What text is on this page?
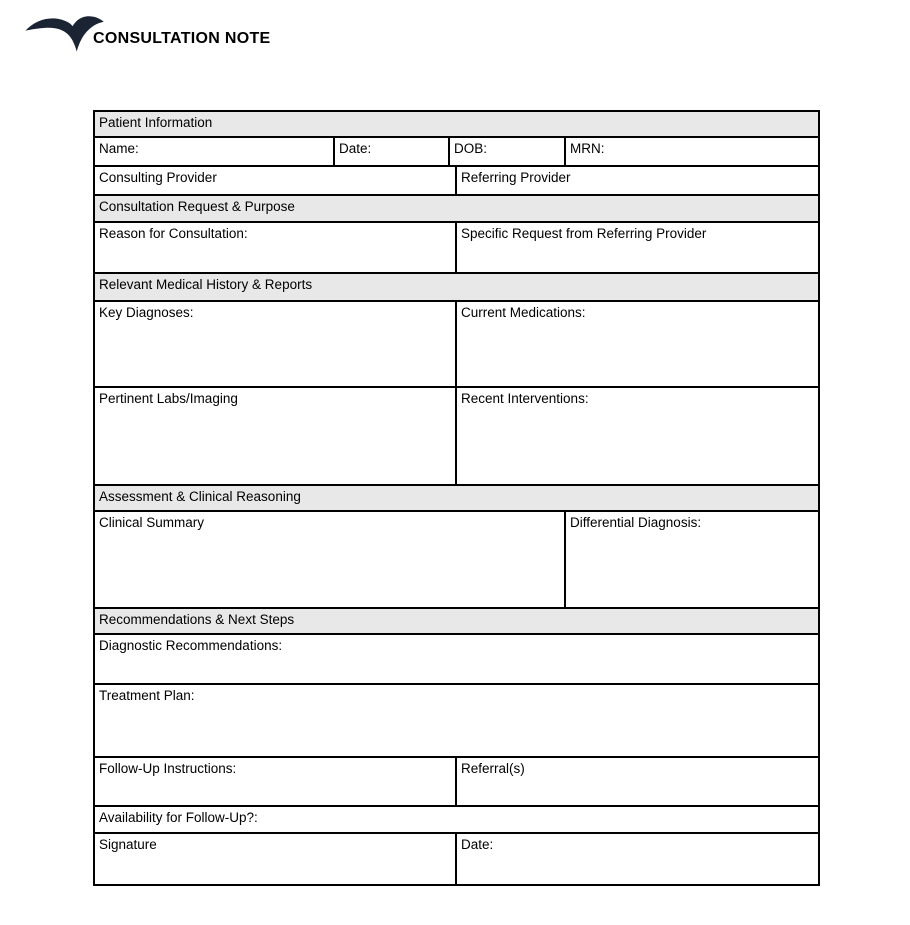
CONSULTATION NOTE
Patient Information				
Name:	Date:	DOB:		MRN:
Consulting Provider			Referring Provider	
Consultation Request & Purpose				
Reason for Consultation:			Specific Request from Referring Provider	
Relevant Medical History & Reports				
Key Diagnoses:			Current Medications:	
Pertinent Labs/Imaging			Recent Interventions:	
Assessment & Clinical Reasoning				
Clinical Summary				Differential Diagnosis:
Recommendations & Next Steps				
Diagnostic Recommendations:				
Treatment Plan:				
Follow-Up Instructions:			Referral(s)	
Availability for Follow-Up?:				
Signature			Date:	
